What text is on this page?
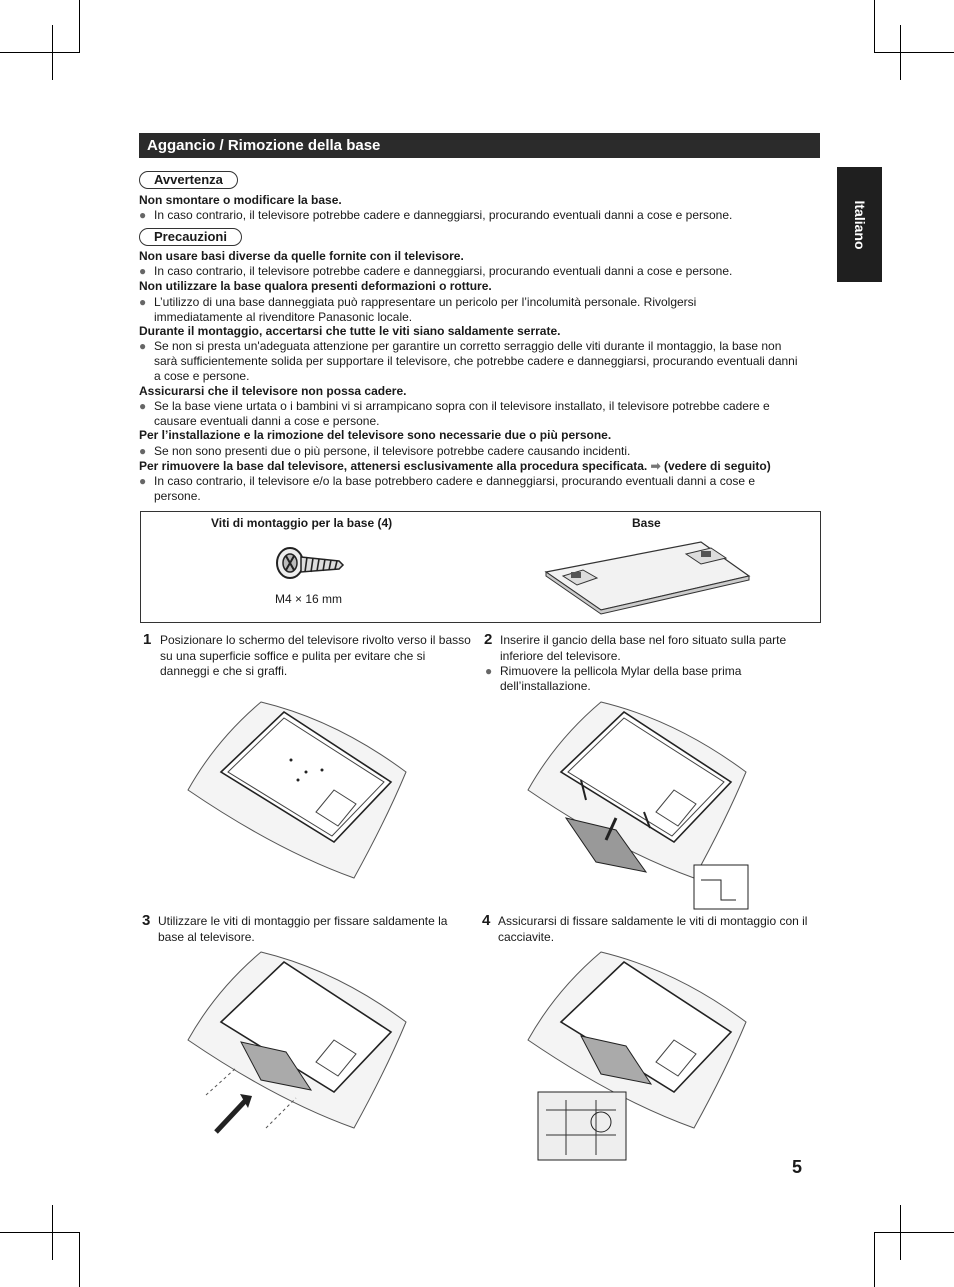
Aggancio / Rimozione della base
Italiano
Avvertenza
Non smontare o modificare la base.
● In caso contrario, il televisore potrebbe cadere e danneggiarsi, procurando eventuali danni a cose e persone.
Precauzioni
Non usare basi diverse da quelle fornite con il televisore.
● In caso contrario, il televisore potrebbe cadere e danneggiarsi, procurando eventuali danni a cose e persone.
Non utilizzare la base qualora presenti deformazioni o rotture.
● L’utilizzo di una base danneggiata può rappresentare un pericolo per l’incolumità personale. Rivolgersi immediatamente al rivenditore Panasonic locale.
Durante il montaggio, accertarsi che tutte le viti siano saldamente serrate.
● Se non si presta un'adeguata attenzione per garantire un corretto serraggio delle viti durante il montaggio, la base non sarà sufficientemente solida per supportare il televisore, che potrebbe cadere e danneggiarsi, procurando eventuali danni a cose e persone.
Assicurarsi che il televisore non possa cadere.
● Se la base viene urtata o i bambini vi si arrampicano sopra con il televisore installato, il televisore potrebbe cadere e causare eventuali danni a cose e persone.
Per l’installazione e la rimozione del televisore sono necessarie due o più persone.
● Se non sono presenti due o più persone, il televisore potrebbe cadere causando incidenti.
Per rimuovere la base dal televisore, attenersi esclusivamente alla procedura specificata. ➡ (vedere di seguito)
● In caso contrario, il televisore e/o la base potrebbero cadere e danneggiarsi, procurando eventuali danni a cose e persone.
Viti di montaggio per la base (4)
M4 × 16 mm
Base
1 Posizionare lo schermo del televisore rivolto verso il basso su una superficie soffice e pulita per evitare che si danneggi e che si graffi.
2 Inserire il gancio della base nel foro situato sulla parte inferiore del televisore.
● Rimuovere la pellicola Mylar della base prima dell’installazione.
3 Utilizzare le viti di montaggio per fissare saldamente la base al televisore.
4 Assicurarsi di fissare saldamente le viti di montaggio con il cacciavite.
5
